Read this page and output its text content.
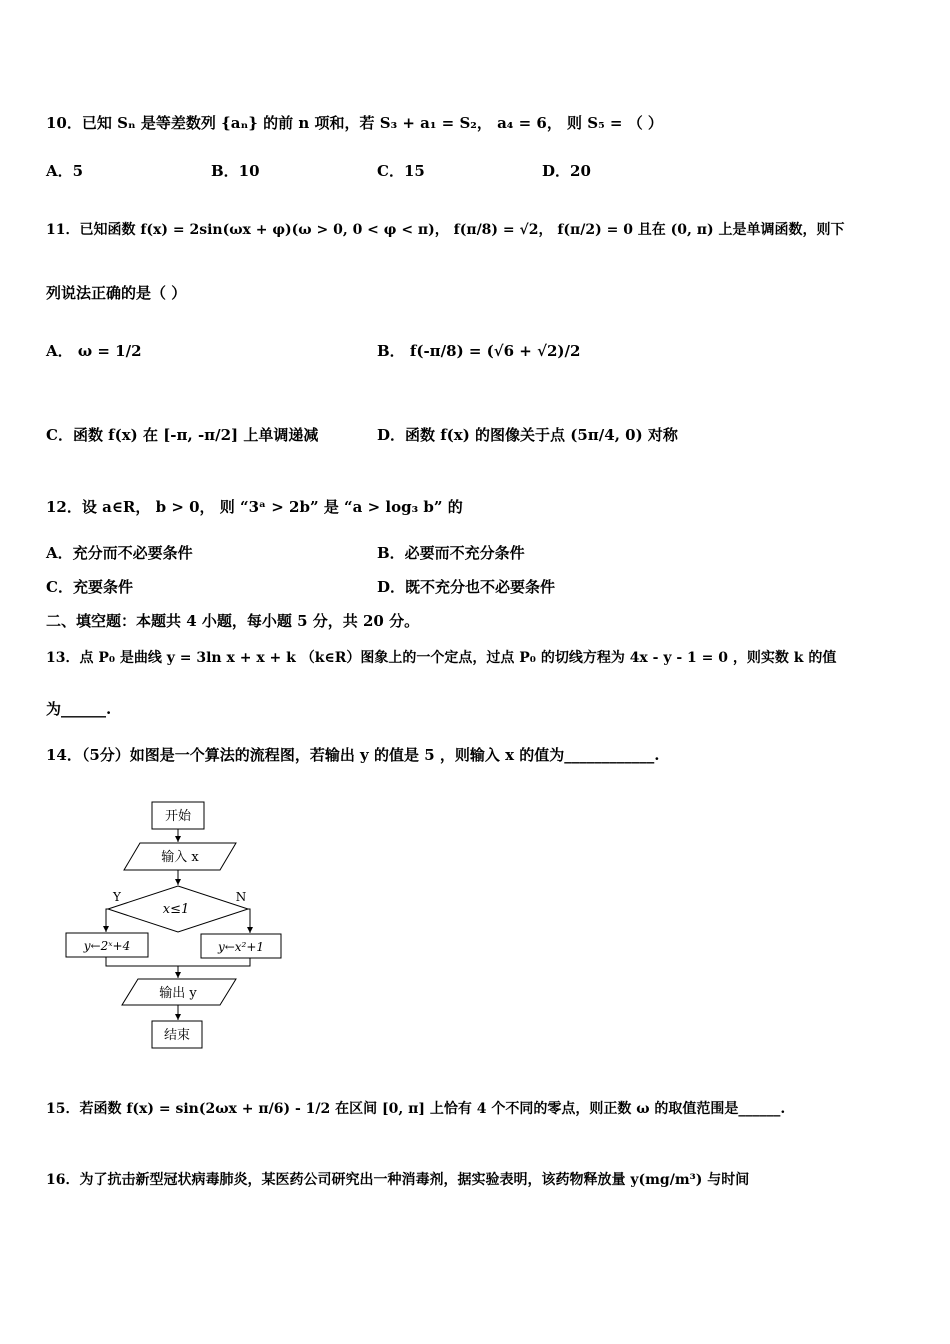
10．已知 Sₙ 是等差数列 {aₙ} 的前 n 项和，若 S₃ + a₁ = S₂， a₄ = 6， 则 S₅ = （ ）
A．5	B．10	C．15	D．20
11．已知函数 f(x) = 2sin(ωx + φ)(ω > 0, 0 < φ < π)， f(π/8) = √2， f(π/2) = 0 且在 (0, π) 上是单调函数，则下
列说法正确的是（ ）
A． ω = 1/2	B． f(-π/8) = (√6 + √2)/2
C．函数 f(x) 在 [-π, -π/2] 上单调递减	D．函数 f(x) 的图像关于点 (5π/4, 0) 对称
12．设 a∈R， b > 0， 则 “3ᵃ > 2b” 是 “a > log₃ b” 的
A．充分而不必要条件	B．必要而不充分条件
C．充要条件	D．既不充分也不必要条件
二、填空题：本题共 4 小题，每小题 5 分，共 20 分。
13．点 P₀ 是曲线 y = 3ln x + x + k （k∈R）图象上的一个定点，过点 P₀ 的切线方程为 4x - y - 1 = 0 ，则实数 k 的值
为______.
14．（5分）如图是一个算法的流程图，若输出 y 的值是 5 ，则输入 x 的值为____________.
开始
输入 x
x≤1
Y	N
y←2ˣ+4	y←x²+1
输出 y
结束
15．若函数 f(x) = sin(2ωx + π/6) - 1/2 在区间 [0, π] 上恰有 4 个不同的零点，则正数 ω 的取值范围是______.
16．为了抗击新型冠状病毒肺炎，某医药公司研究出一种消毒剂，据实验表明，该药物释放量 y(mg/m³) 与时间
